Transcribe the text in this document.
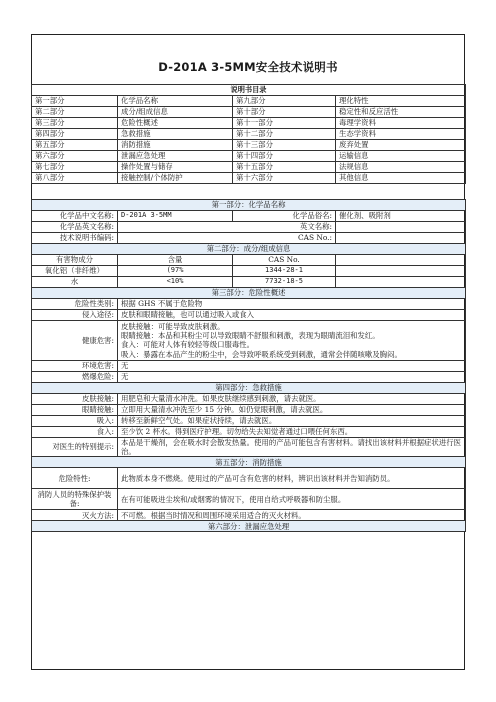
D-201A 3-5MM安全技术说明书
说明书目录			
第一部分	化学品名称	第九部分	理化特性
第二部分	成分/组成信息	第十部分	稳定性和反应活性
第三部分	危险性概述	第十一部分	毒理学资料
第四部分	急救措施	第十二部分	生态学资料
第五部分	消防措施	第十三部分	废弃处置
第六部分	泄漏应急处理	第十四部分	运输信息
第七部分	操作处置与储存	第十五部分	法规信息
第八部分	接触控制/个体防护	第十六部分	其他信息
第一部分：化学品名称			
化学品中文名称:	D-201A 3-5MM	化学品俗名:	催化剂、吸附剂
化学品英文名称:	英文名称:		
技术说明书编码:	CAS No.:		
第二部分：成分/组成信息			
有害物成分	含量	CAS No.	
氧化铝（非纤维）	(97%	1344-28-1	
水	<10%	7732-18-5	
第三部分：危险性概述			
危险性类别:	根据 GHS 不属于危险物		
侵入途径:	皮肤和眼睛接触，也可以通过吸入或食入		
健康危害:	皮肤接触：可能导致皮肤刺激。
眼睛接触：本品和其粉尘可以导致眼睛不舒服和刺激，表现为眼睛流泪和发红。
食入：可能对人体有较轻等级口服毒性。
吸入：暴露在本品产生的粉尘中，会导致呼吸系统受到刺激，通常会伴随咳嗽及胸闷。		

环境危害:	无		
燃爆危险:	无		
第四部分：急救措施			
皮肤接触:	用肥皂和大量清水冲洗。如果皮肤继续感到刺激，请去就医。		
眼睛接触:	立即用大量清水冲洗至少 15 分钟。如仍觉眼刺激，请去就医。		
吸入:	转移至新鲜空气处。如果症状持续，请去就医。		
食入:	至少饮 2 杯水。得到医疗护理。切勿给失去知觉者通过口喂任何东西。		
对医生的特别提示:	本品是干燥剂，会在吸水时会散发热量。使用的产品可能包含有害材料。请找出该材料并根据症状进行医治。		
第五部分：消防措施			
危险特性:	此物质本身不燃烧。使用过的产品可含有危害的材料，辨识出该材料并告知消防员。		
消防人员的特殊保护装备:	在有可能吸进尘埃和/或烟雾的情况下，使用自给式呼吸器和防尘服。		
灭火方法:	不可燃。根据当时情况和周围环境采用适合的灭火材料。		
第六部分：泄漏应急处理			
